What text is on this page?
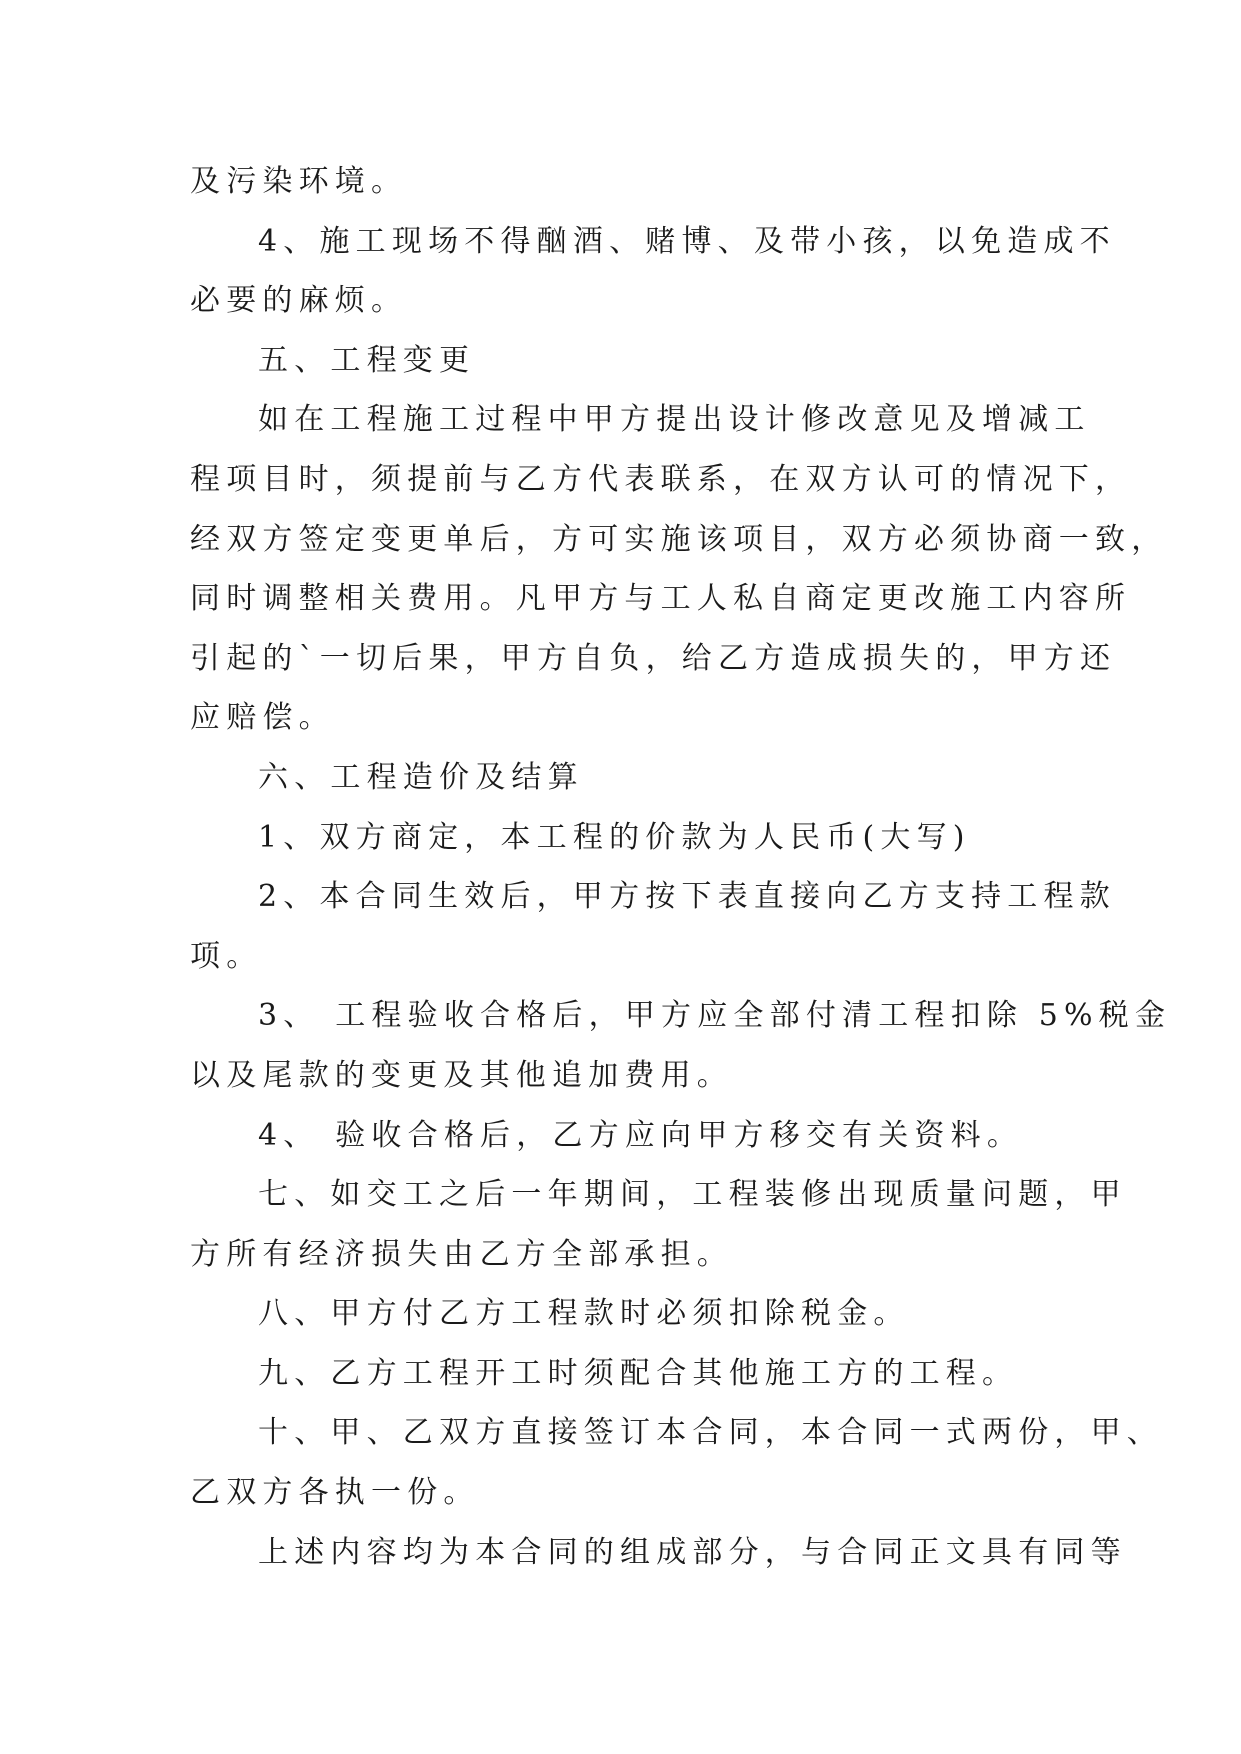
及污染环境。
4、施工现场不得酗酒、赌博、及带小孩，以免造成不
必要的麻烦。
五、工程变更
如在工程施工过程中甲方提出设计修改意见及增减工
程项目时，须提前与乙方代表联系，在双方认可的情况下，
经双方签定变更单后，方可实施该项目，双方必须协商一致，
同时调整相关费用。凡甲方与工人私自商定更改施工内容所
引起的`一切后果，甲方自负，给乙方造成损失的，甲方还
应赔偿。
六、工程造价及结算
1、双方商定，本工程的价款为人民币(大写)
2、本合同生效后，甲方按下表直接向乙方支持工程款
项。
3、 工程验收合格后，甲方应全部付清工程扣除 5%税金
以及尾款的变更及其他追加费用。
4、 验收合格后，乙方应向甲方移交有关资料。
七、如交工之后一年期间，工程装修出现质量问题，甲
方所有经济损失由乙方全部承担。
八、甲方付乙方工程款时必须扣除税金。
九、乙方工程开工时须配合其他施工方的工程。
十、甲、乙双方直接签订本合同，本合同一式两份，甲、
乙双方各执一份。
上述内容均为本合同的组成部分，与合同正文具有同等
